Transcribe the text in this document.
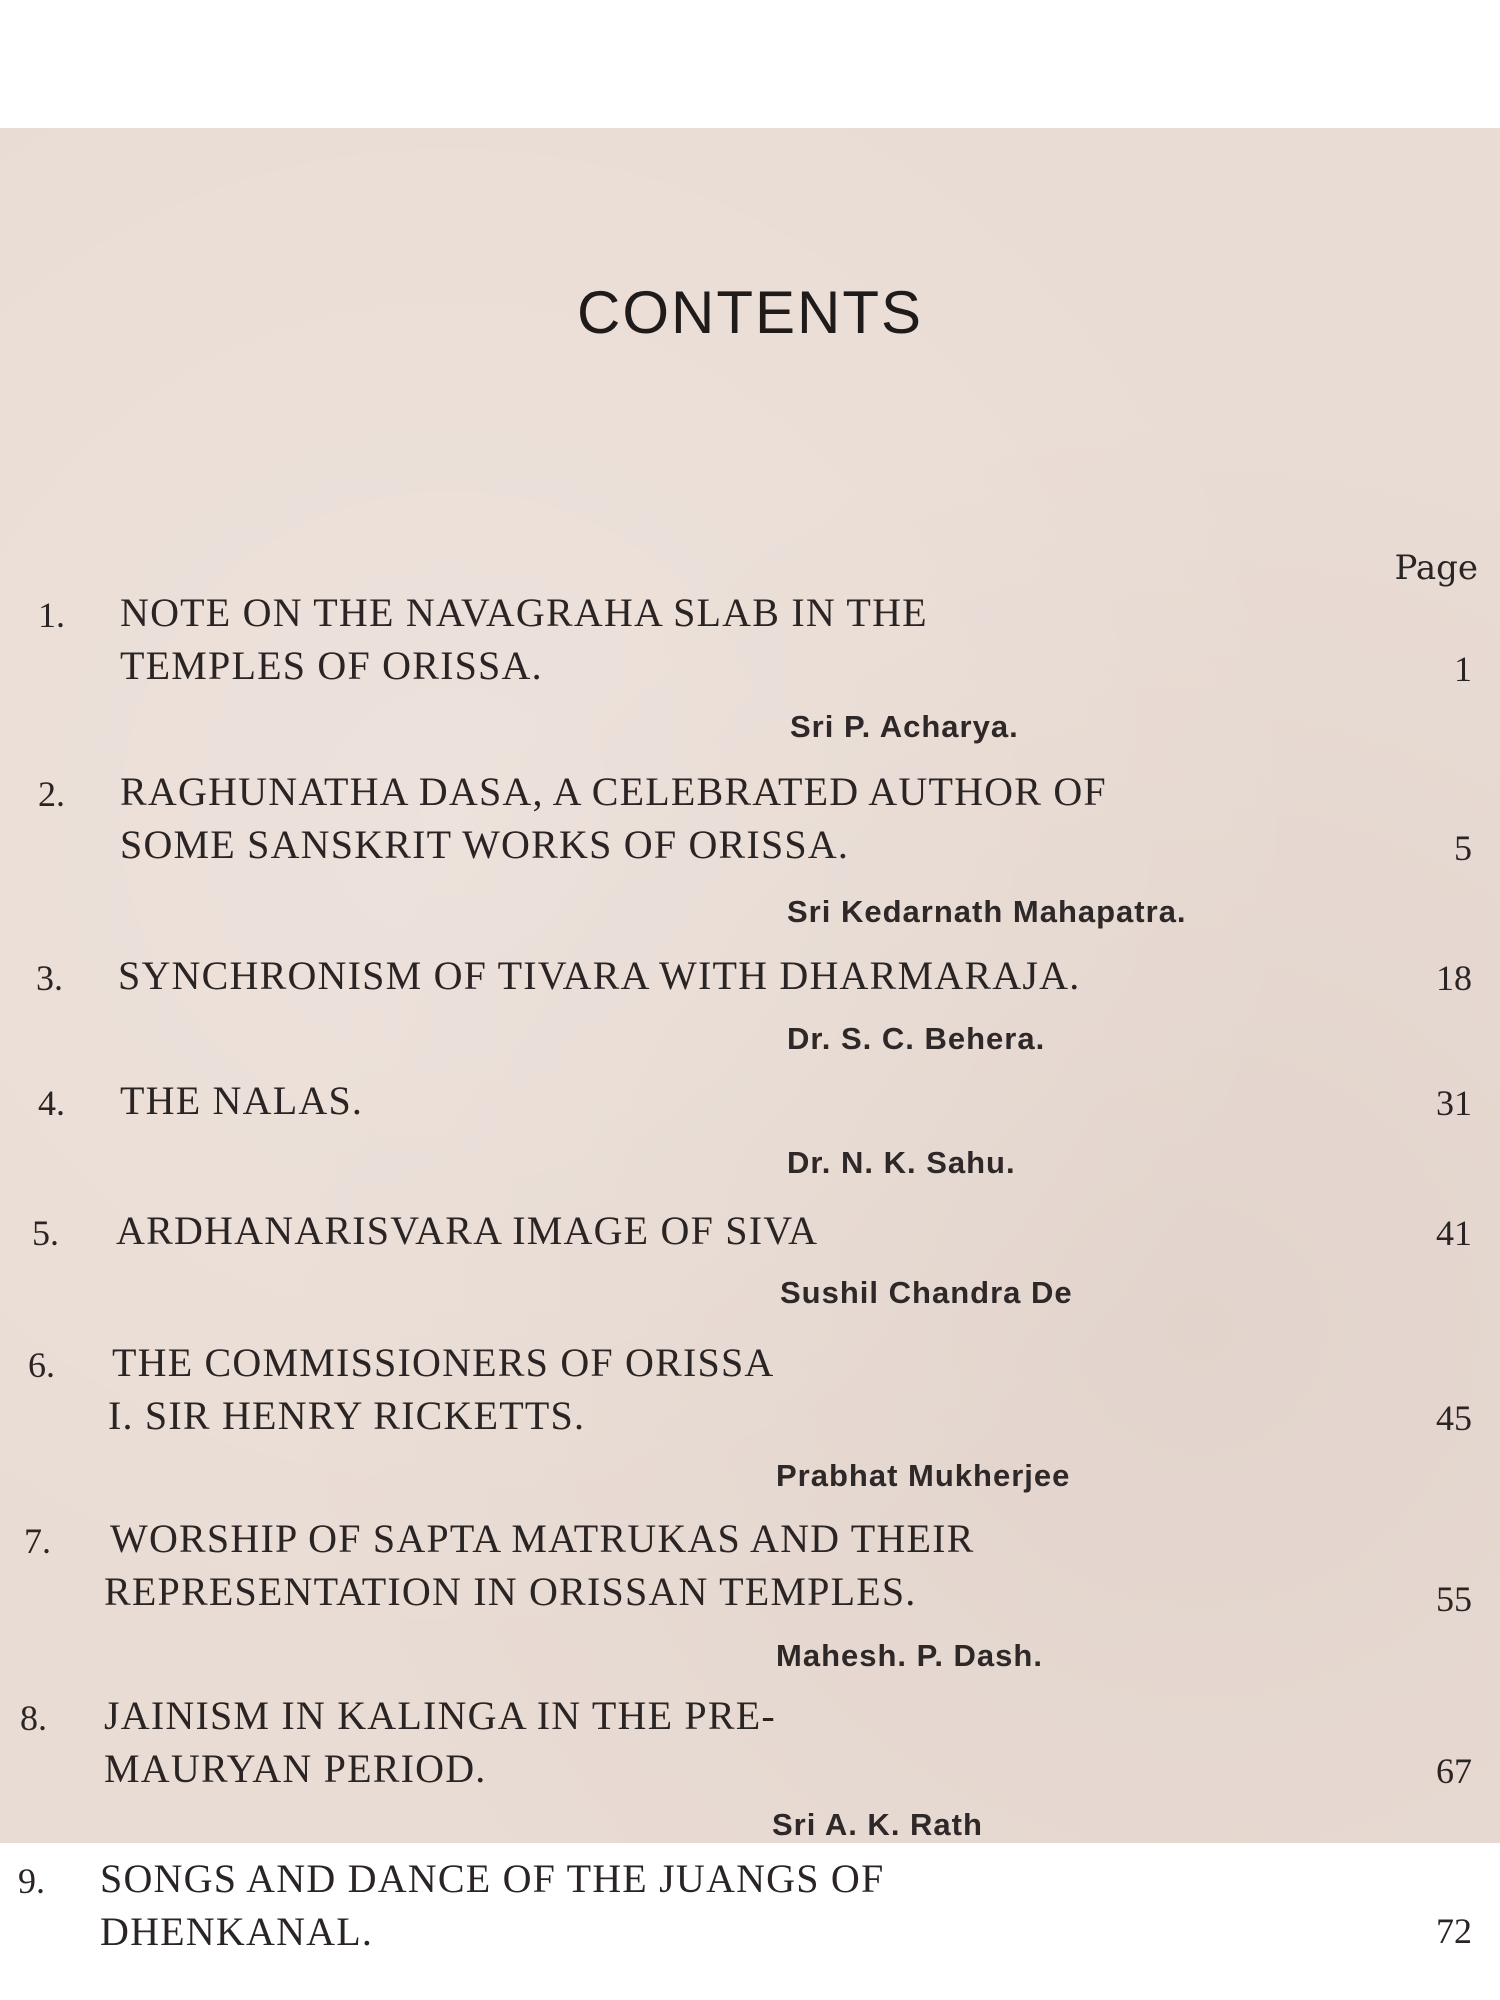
CONTENTS
Page
1. NOTE ON THE NAVAGRAHA SLAB IN THE
TEMPLES OF ORISSA.	1
Sri P. Acharya.
2. RAGHUNATHA DASA, A CELEBRATED AUTHOR OF
SOME SANSKRIT WORKS OF ORISSA.	5
Sri Kedarnath Mahapatra.
3. SYNCHRONISM OF TIVARA WITH DHARMARAJA.	18
Dr. S. C. Behera.
4. THE NALAS.	31
Dr. N. K. Sahu.
5. ARDHANARISVARA IMAGE OF SIVA	41
Sushil Chandra De
6. THE COMMISSIONERS OF ORISSA
I. SIR HENRY RICKETTS.	45
Prabhat Mukherjee
7. WORSHIP OF SAPTA MATRUKAS AND THEIR
REPRESENTATION IN ORISSAN TEMPLES.	55
Mahesh. P. Dash.
8. JAINISM IN KALINGA IN THE PRE-
MAURYAN PERIOD.	67
Sri A. K. Rath
9. SONGS AND DANCE OF THE JUANGS OF
DHENKANAL.	72
